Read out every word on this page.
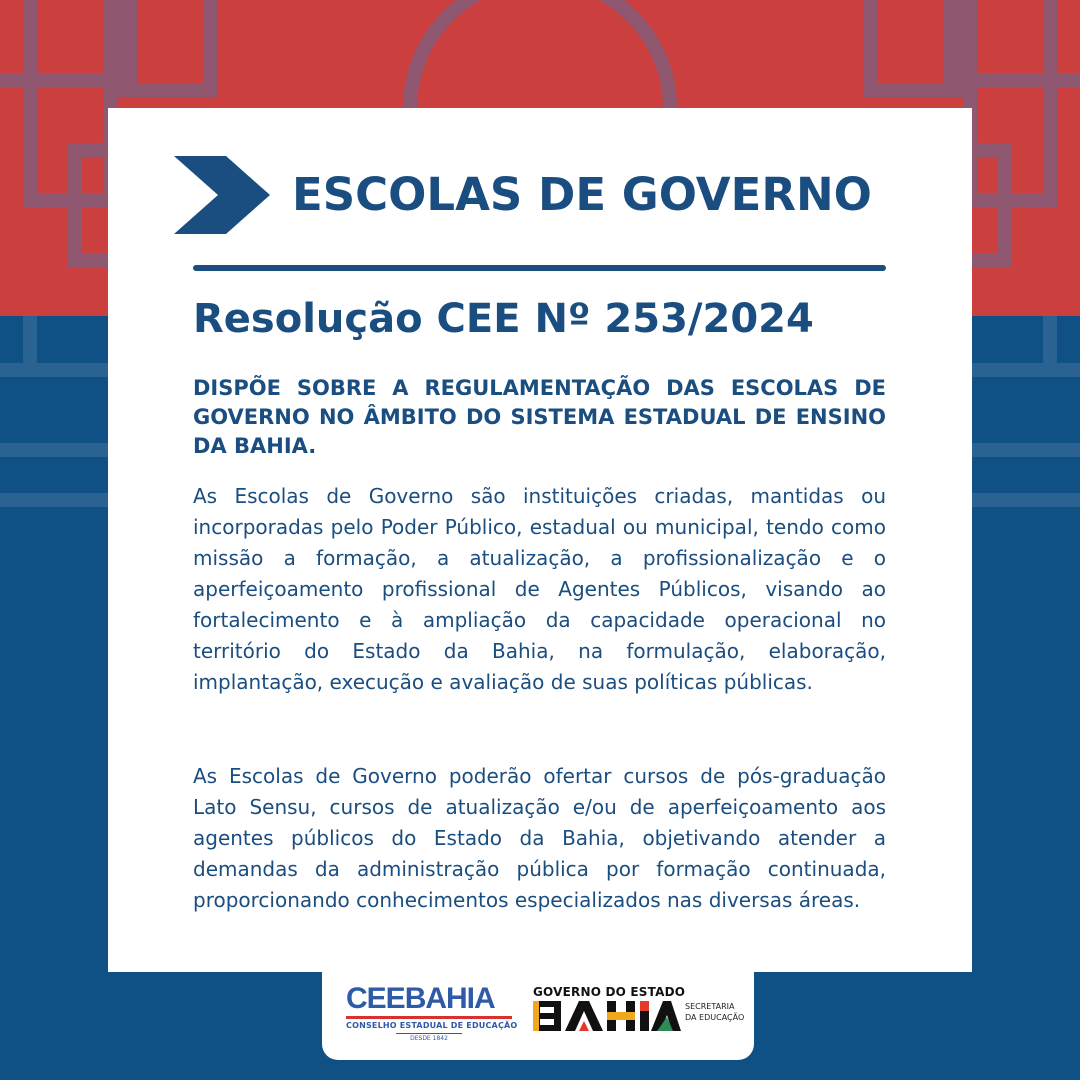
ESCOLAS DE GOVERNO
Resolução CEE Nº 253/2024
DISPÕE SOBRE A REGULAMENTAÇÃO DAS ESCOLAS DE GOVERNO NO ÂMBITO DO SISTEMA ESTADUAL DE ENSINO DA BAHIA.
As Escolas de Governo são instituições criadas, mantidas ou incorporadas pelo Poder Público, estadual ou municipal, tendo como missão a formação, a atualização, a profissionalização e o aperfeiçoamento profissional de Agentes Públicos, visando ao fortalecimento e à ampliação da capacidade operacional no território do Estado da Bahia, na formulação, elaboração, implantação, execução e avaliação de suas políticas públicas.
As Escolas de Governo poderão ofertar cursos de pós-graduação Lato Sensu, cursos de atualização e/ou de aperfeiçoamento aos agentes públicos do Estado da Bahia, objetivando atender a demandas da administração pública por formação continuada, proporcionando conhecimentos especializados nas diversas áreas.
CEEBAHIA
CONSELHO ESTADUAL DE EDUCAÇÃO
DESDE 1842
GOVERNO DO ESTADO
SECRETARIA
DA EDUCAÇÃO
